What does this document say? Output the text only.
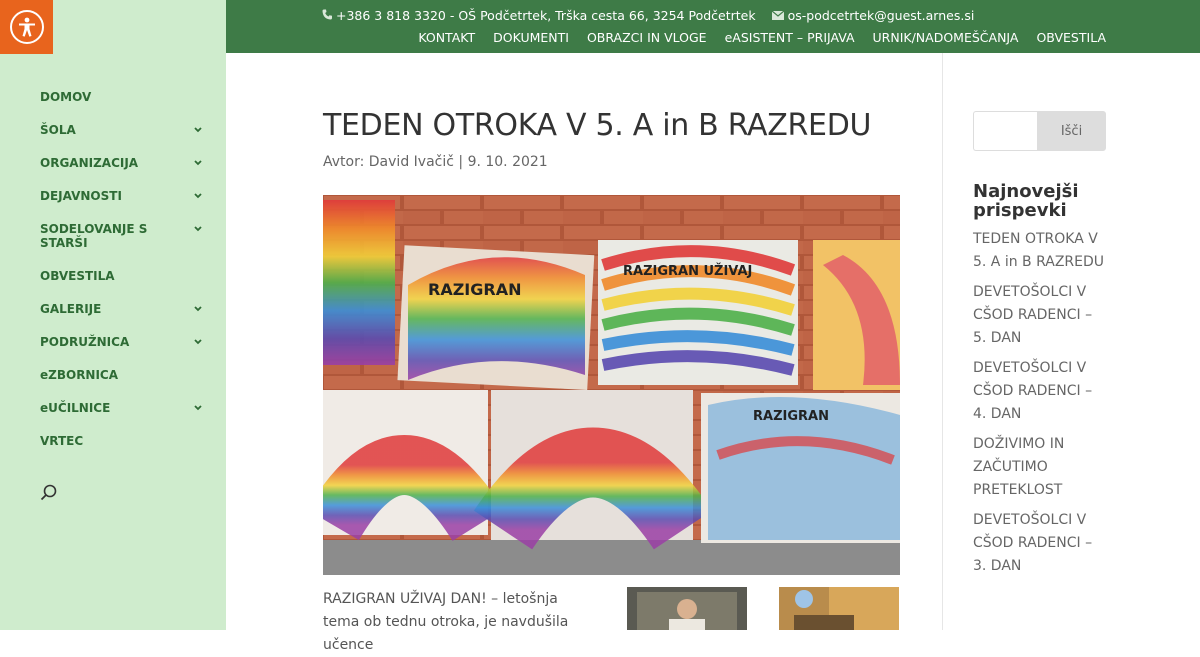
DOMOV
ŠOLA
ORGANIZACIJA
DEJAVNOSTI
SODELOVANJE S STARŠI
OBVESTILA
GALERIJE
PODRUŽNICA
eZBORNICA
eUČILNICE
VRTEC
+386 3 818 3320 - OŠ Podčetrtek, Trška cesta 66, 3254 Podčetrtek	os-podcetrtek@guest.arnes.si
KONTAKT DOKUMENTI OBRAZCI IN VLOGE eASISTENT – PRIJAVA URNIK/NADOMEŠČANJA OBVESTILA
TEDEN OTROKA V 5. A in B RAZREDU
Avtor: David Ivačič | 9. 10. 2021
RAZIGRAN
RAZIGRAN UŽIVAJ
RAZIGRAN

RAZIGRAN UŽIVAJ DAN! – letošnja tema ob tednu otroka, je navdušila učence

Išči
Najnovejši prispevki
TEDEN OTROKA V 5. A in B RAZREDU
DEVETOŠOLCI V CŠOD RADENCI – 5. DAN
DEVETOŠOLCI V CŠOD RADENCI – 4. DAN
DOŽIVIMO IN ZAČUTIMO PRETEKLOST
DEVETOŠOLCI V CŠOD RADENCI – 3. DAN
